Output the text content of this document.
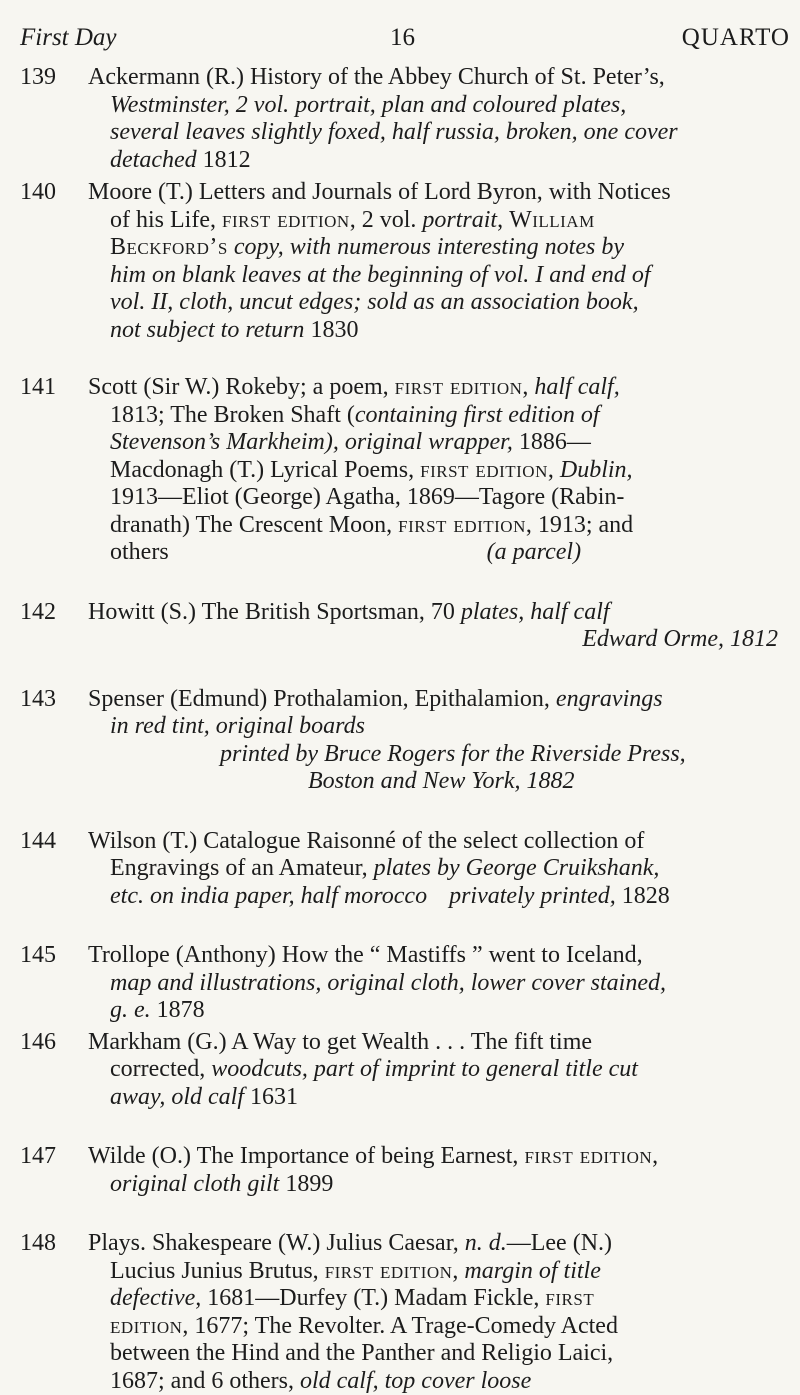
First Day	16	QUARTO
139	Ackermann (R.) History of the Abbey Church of St. Peter’s,
Westminster, 2 vol. portrait, plan and coloured plates,
several leaves slightly foxed, half russia, broken, one cover
detached 1812
140	Moore (T.) Letters and Journals of Lord Byron, with Notices
of his Life, first edition, 2 vol. portrait, William
Beckford’s copy, with numerous interesting notes by
him on blank leaves at the beginning of vol. I and end of
vol. II, cloth, uncut edges; sold as an association book,
not subject to return 1830
141	Scott (Sir W.) Rokeby; a poem, first edition, half calf,
1813; The Broken Shaft (containing first edition of
Stevenson’s Markheim), original wrapper, 1886—
Macdonagh (T.) Lyrical Poems, first edition, Dublin,
1913—Eliot (George) Agatha, 1869—Tagore (Rabin-
dranath) The Crescent Moon, first edition, 1913; and
others	(a parcel)
142	Howitt (S.) The British Sportsman, 70 plates, half calf
Edward Orme, 1812
143	Spenser (Edmund) Prothalamion, Epithalamion, engravings
in red tint, original boards
printed by Bruce Rogers for the Riverside Press,
Boston and New York, 1882
144	Wilson (T.) Catalogue Raisonné of the select collection of
Engravings of an Amateur, plates by George Cruikshank,
etc. on india paper, half morocco privately printed, 1828
145	Trollope (Anthony) How the “ Mastiffs ” went to Iceland,
map and illustrations, original cloth, lower cover stained,
g. e. 1878
146	Markham (G.) A Way to get Wealth . . . The fift time
corrected, woodcuts, part of imprint to general title cut
away, old calf 1631
147	Wilde (O.) The Importance of being Earnest, first edition,
original cloth gilt 1899
148	Plays. Shakespeare (W.) Julius Caesar, n. d.—Lee (N.)
Lucius Junius Brutus, first edition, margin of title
defective, 1681—Durfey (T.) Madam Fickle, first
edition, 1677; The Revolter. A Trage-Comedy Acted
between the Hind and the Panther and Religio Laici,
1687; and 6 others, old calf, top cover loose
